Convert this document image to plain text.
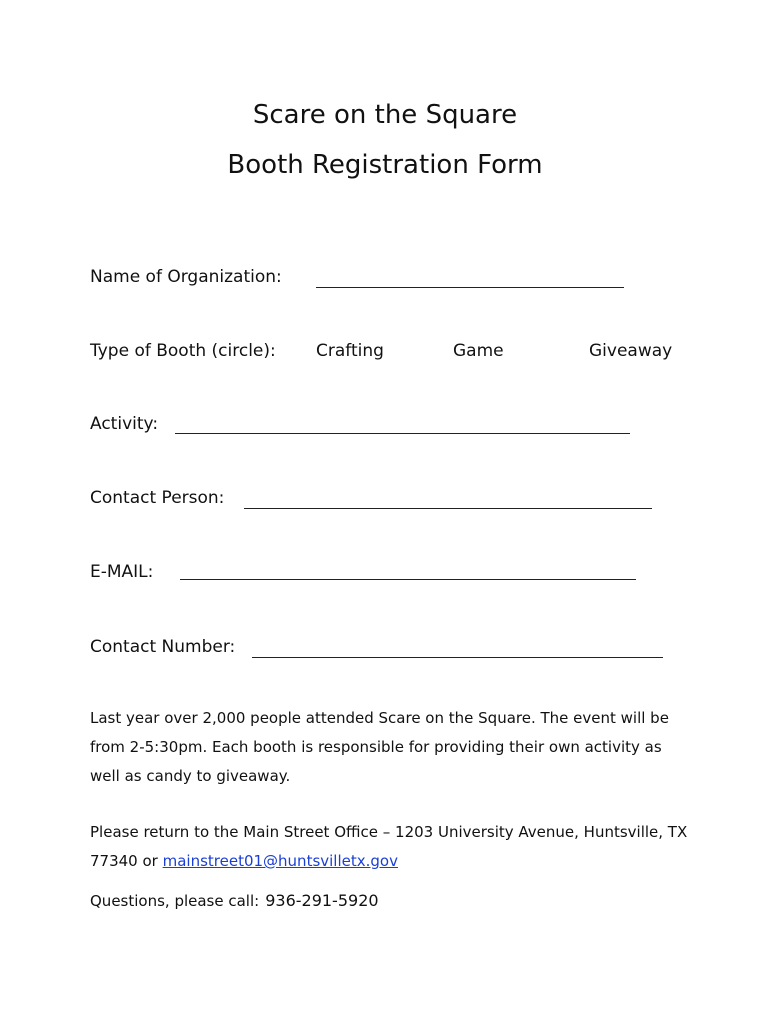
Scare on the Square
Booth Registration Form
Name of Organization:
Type of Booth (circle): Crafting	Game	Giveaway
Activity:
Contact Person:
E-MAIL:
Contact Number:
Last year over 2,000 people attended Scare on the Square. The event will be from 2-5:30pm. Each booth is responsible for providing their own activity as well as candy to giveaway.
Please return to the Main Street Office – 1203 University Avenue, Huntsville, TX 77340 or mainstreet01@huntsvilletx.gov
Questions, please call: 936-291-5920
